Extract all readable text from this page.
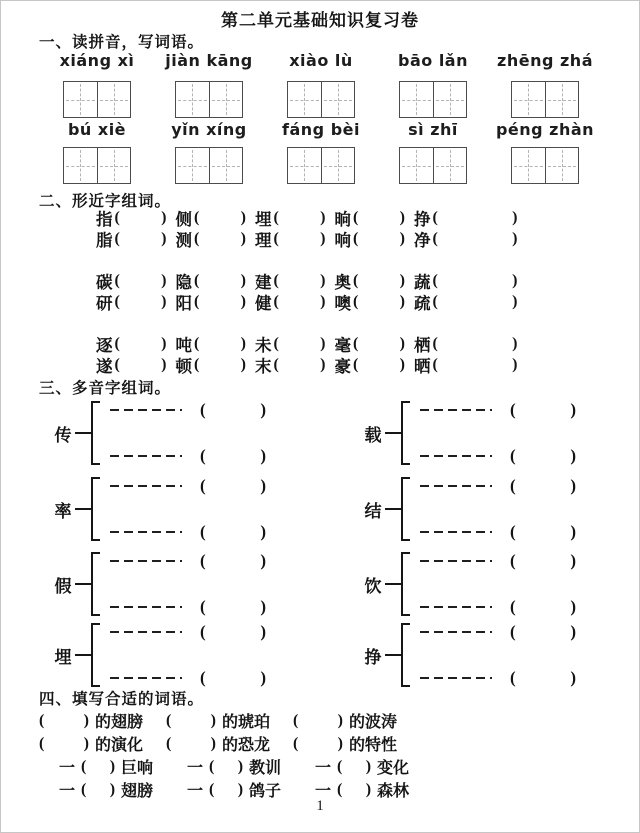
第二单元基础知识复习卷
一、读拼音，写词语。
xiáng xì jiàn kāng xiào lù	bāo lǎn zhēng zhá
bú xiè	yǐn xíng fáng bèi	sì zhī péng zhàn
二、形近字组词。
指 (	) 侧 (	) 埋 (	) 晌 (	) 挣 (	)
脂 (	) 测 (	) 理 (	) 响 (	) 净 (	)
碳 (	) 隐 (	) 建 (	) 奥 (	) 蔬 (	)
研 (	) 阳 (	) 健 (	) 噢 (	) 疏 (	)
逐 (	) 吨 (	) 未 (	) 毫 (	) 栖 (	)
遂 (	) 顿 (	) 末 (	) 豪 (	) 晒 (	)
三、多音字组词。
传
(	)
(	)
载
(	)
(	)
率
(	)
(	)
结
(	)
(	)
假
(	)
(	)
饮
(	)
(	)
埋
(	)
(	)
挣
(	)
(	)
四、填写合适的词语。
( ) 的翅膀 ( ) 的琥珀 ( ) 的波涛
( ) 的演化 ( ) 的恐龙 ( ) 的特性
一 ( ) 巨响 一 ( ) 教训 一 ( ) 变化
一 ( ) 翅膀 一 ( ) 鸽子 一 ( ) 森林
1
